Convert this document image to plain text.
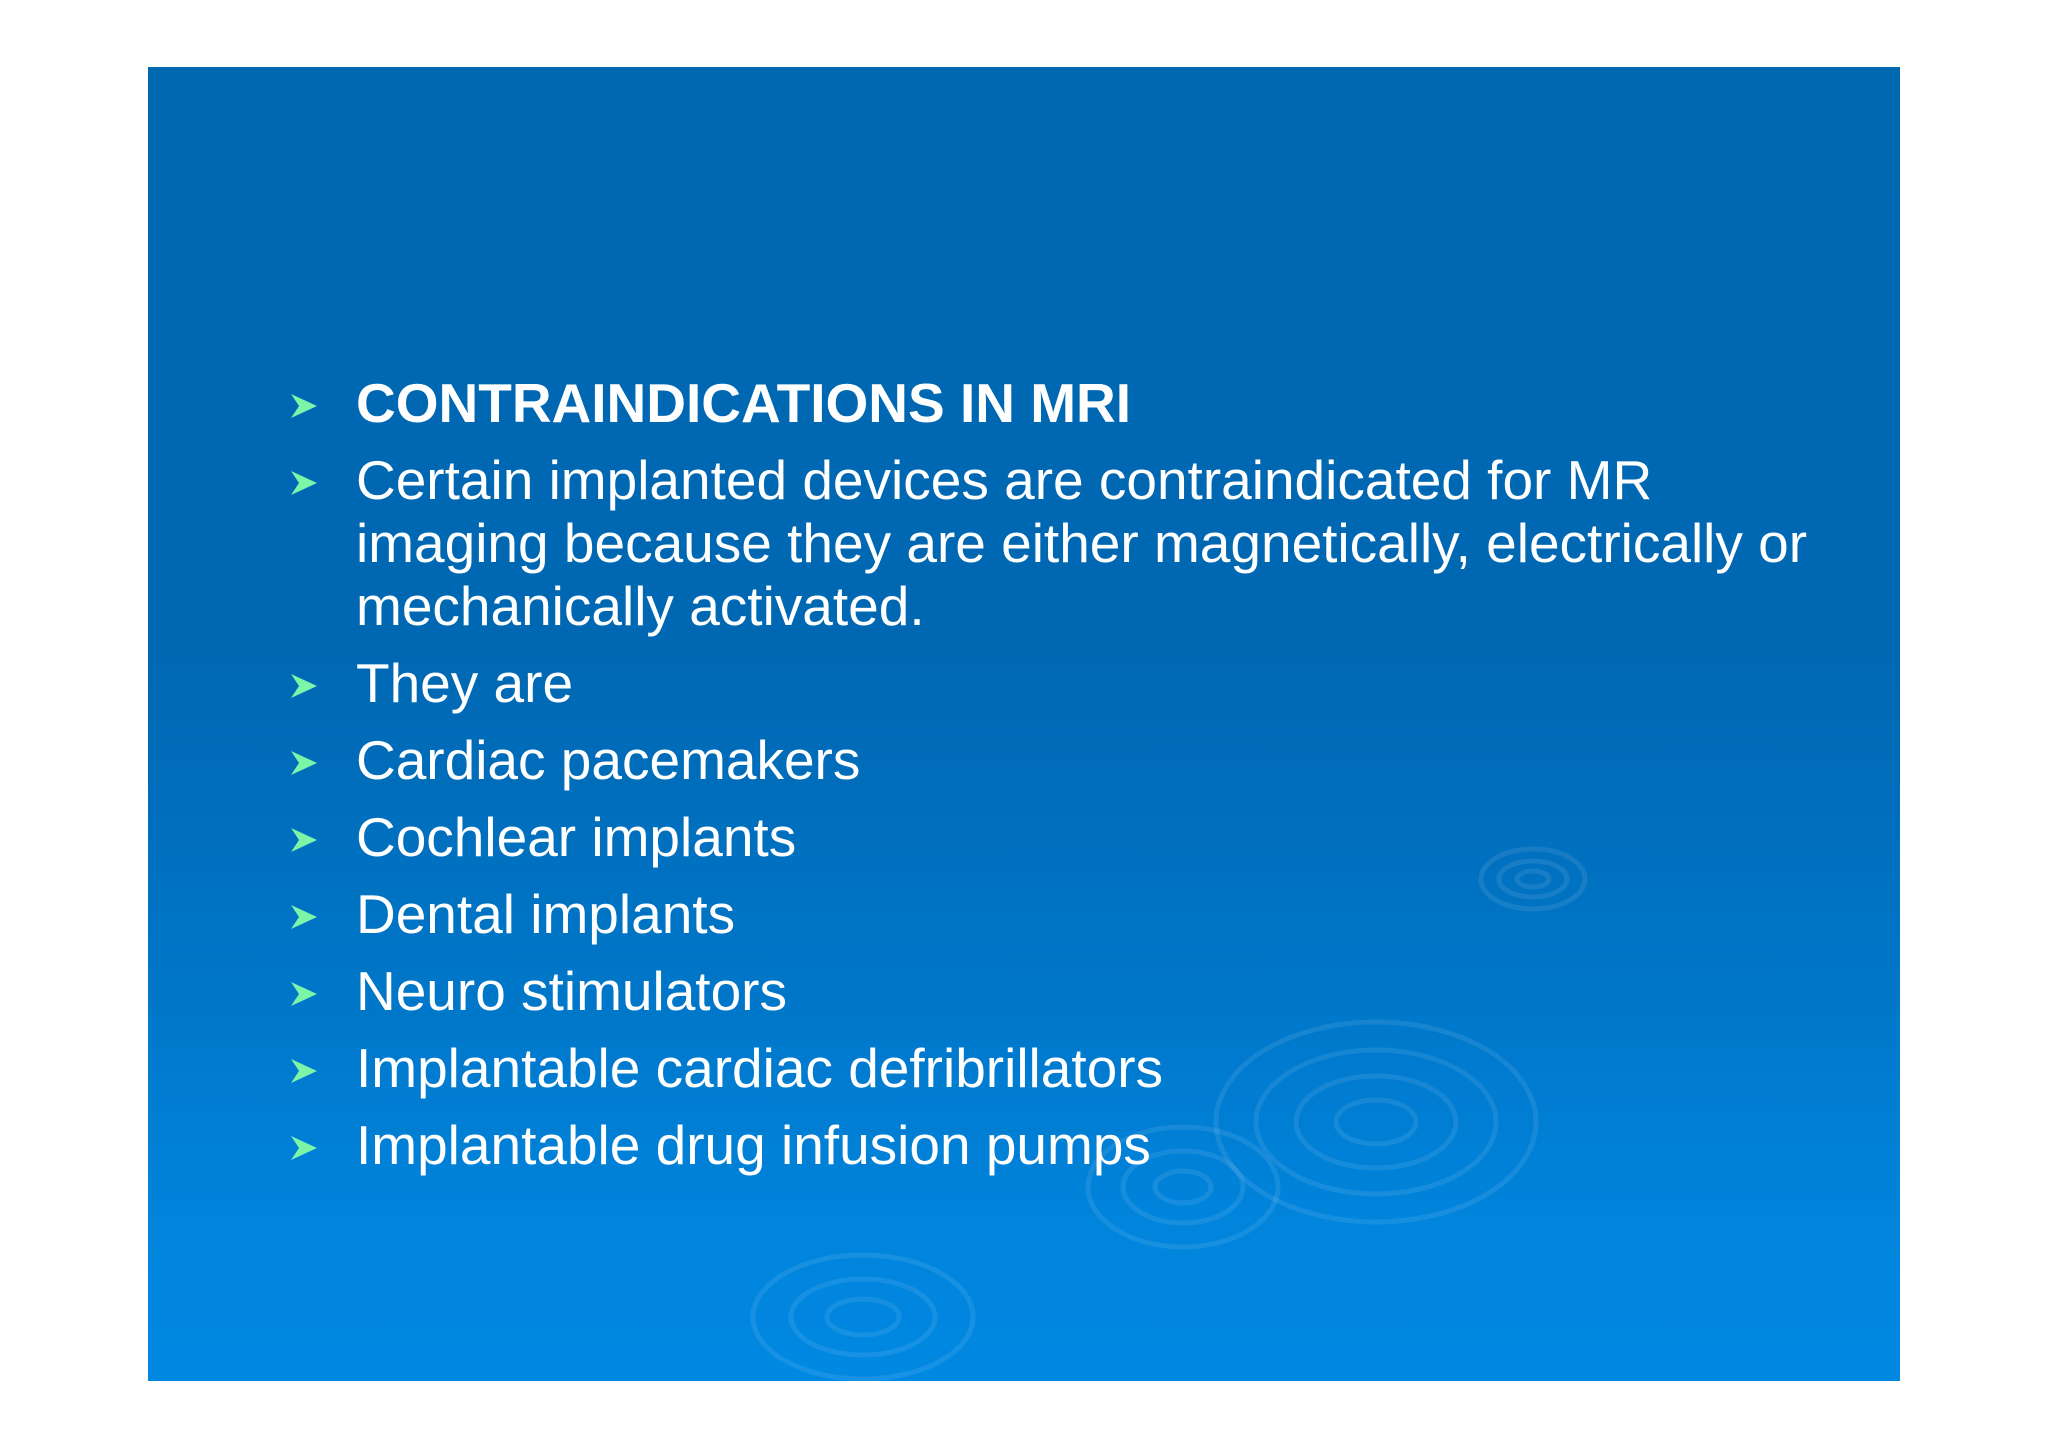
CONTRAINDICATIONS IN MRI
Certain implanted devices are contraindicated for MR imaging because they are either magnetically, electrically or mechanically activated.
They are
Cardiac pacemakers
Cochlear implants
Dental implants
Neuro stimulators
Implantable cardiac defribrillators
Implantable drug infusion pumps
